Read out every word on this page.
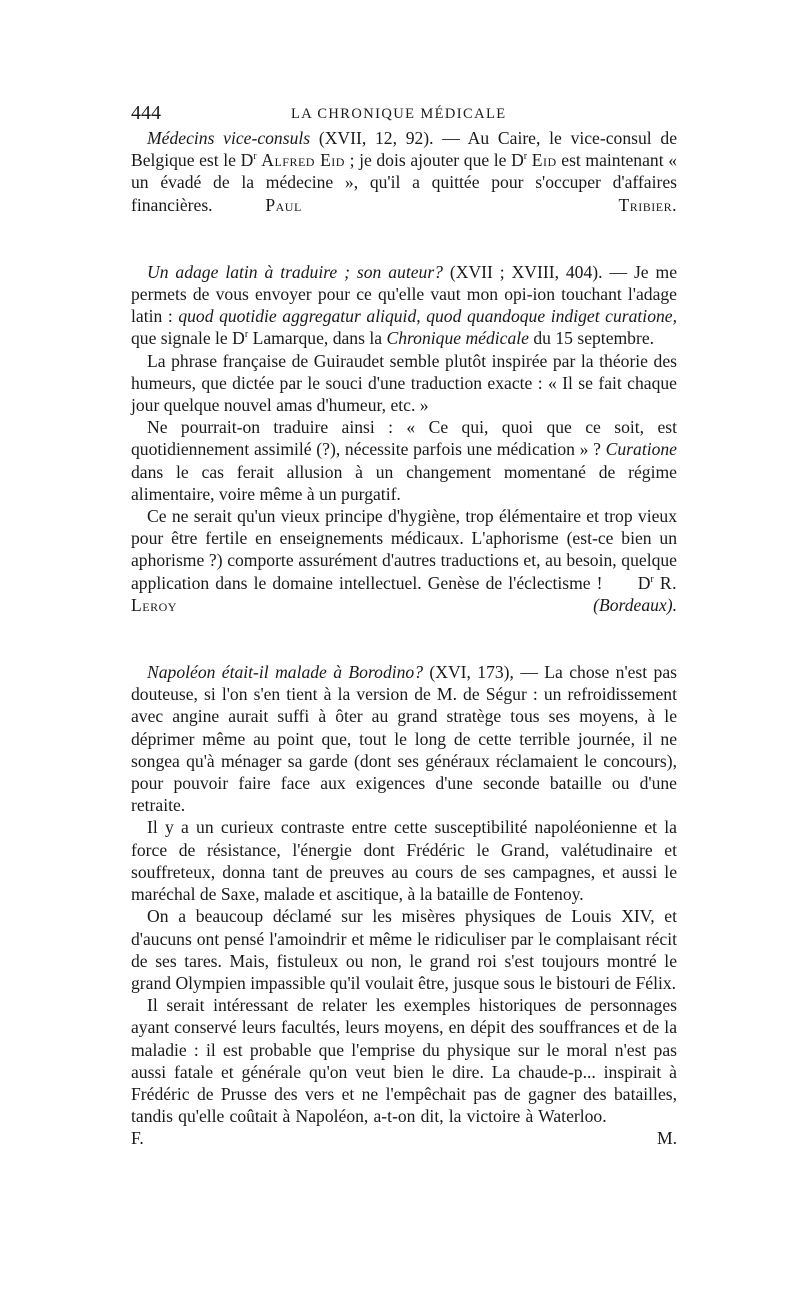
444	LA CHRONIQUE MÉDICALE

Médecins vice-consuls (XVII, 12, 92). — Au Caire, le vice-consul de Belgique est le $D^r$ Alfred Eid ; je dois ajouter que le $D^r$ Eid est maintenant « un évadé de la médecine », qu'il a quittée pour s'occuper d'affaires financières.   	Paul Tribier.

Un adage latin à traduire ; son auteur? (XVII ; XVIII, 404). — Je me permets de vous envoyer pour ce qu'elle vaut mon opi-ion touchant l'adage latin : quod quotidie aggregatur aliquid, quod quandoque indiget curatione, que signale le $D^r$ Lamarque, dans la Chronique médicale du 15 septembre.

La phrase française de Guiraudet semble plutôt inspirée par la théorie des humeurs, que dictée par le souci d'une traduction exacte : « Il se fait chaque jour quelque nouvel amas d'humeur, etc. »

Ne pourrait-on traduire ainsi : « Ce qui, quoi que ce soit, est quotidiennement assimilé (?), nécessite parfois une médication » ? Curatione dans le cas ferait allusion à un changement momentané de régime alimentaire, voire même à un purgatif.

Ce ne serait qu'un vieux principe d'hygiène, trop élémentaire et trop vieux pour être fertile en enseignements médicaux. L'aphorisme (est-ce bien un aphorisme ?) comporte assurément d'autres traductions et, au besoin, quelque application dans le domaine intellectuel. Genèse de l'éclectisme !   $D^r$ R. Leroy	(Bordeaux).

Napoléon était-il malade à Borodino? (XVI, 173), — La chose n'est pas douteuse, si l'on s'en tient à la version de M. de Ségur : un refroidissement avec angine aurait suffi à ôter au grand stratège tous ses moyens, à le déprimer même au point que, tout le long de cette terrible journée, il ne songea qu'à ménager sa garde (dont ses généraux réclamaient le concours), pour pouvoir faire face aux exigences d'une seconde bataille ou d'une retraite.

Il y a un curieux contraste entre cette susceptibilité napoléonienne et la force de résistance, l'énergie dont Frédéric le Grand, valétudinaire et souffreteux, donna tant de preuves au cours de ses campagnes, et aussi le maréchal de Saxe, malade et ascitique, à la bataille de Fontenoy.

On a beaucoup déclamé sur les misères physiques de Louis XIV, et d'aucuns ont pensé l'amoindrir et même le ridiculiser par le complaisant récit de ses tares. Mais, fistuleux ou non, le grand roi s'est toujours montré le grand Olympien impassible qu'il voulait être, jusque sous le bistouri de Félix.

Il serait intéressant de relater les exemples historiques de personnages ayant conservé leurs facultés, leurs moyens, en dépit des souffrances et de la maladie : il est probable que l'emprise du physique sur le moral n'est pas aussi fatale et générale qu'on veut bien le dire. La chaude-p... inspirait à Frédéric de Prusse des vers et ne l'empêchait pas de gagner des batailles, tandis qu'elle coûtait à Napoléon, a-t-on dit, la victoire à Waterloo.    F. M.
